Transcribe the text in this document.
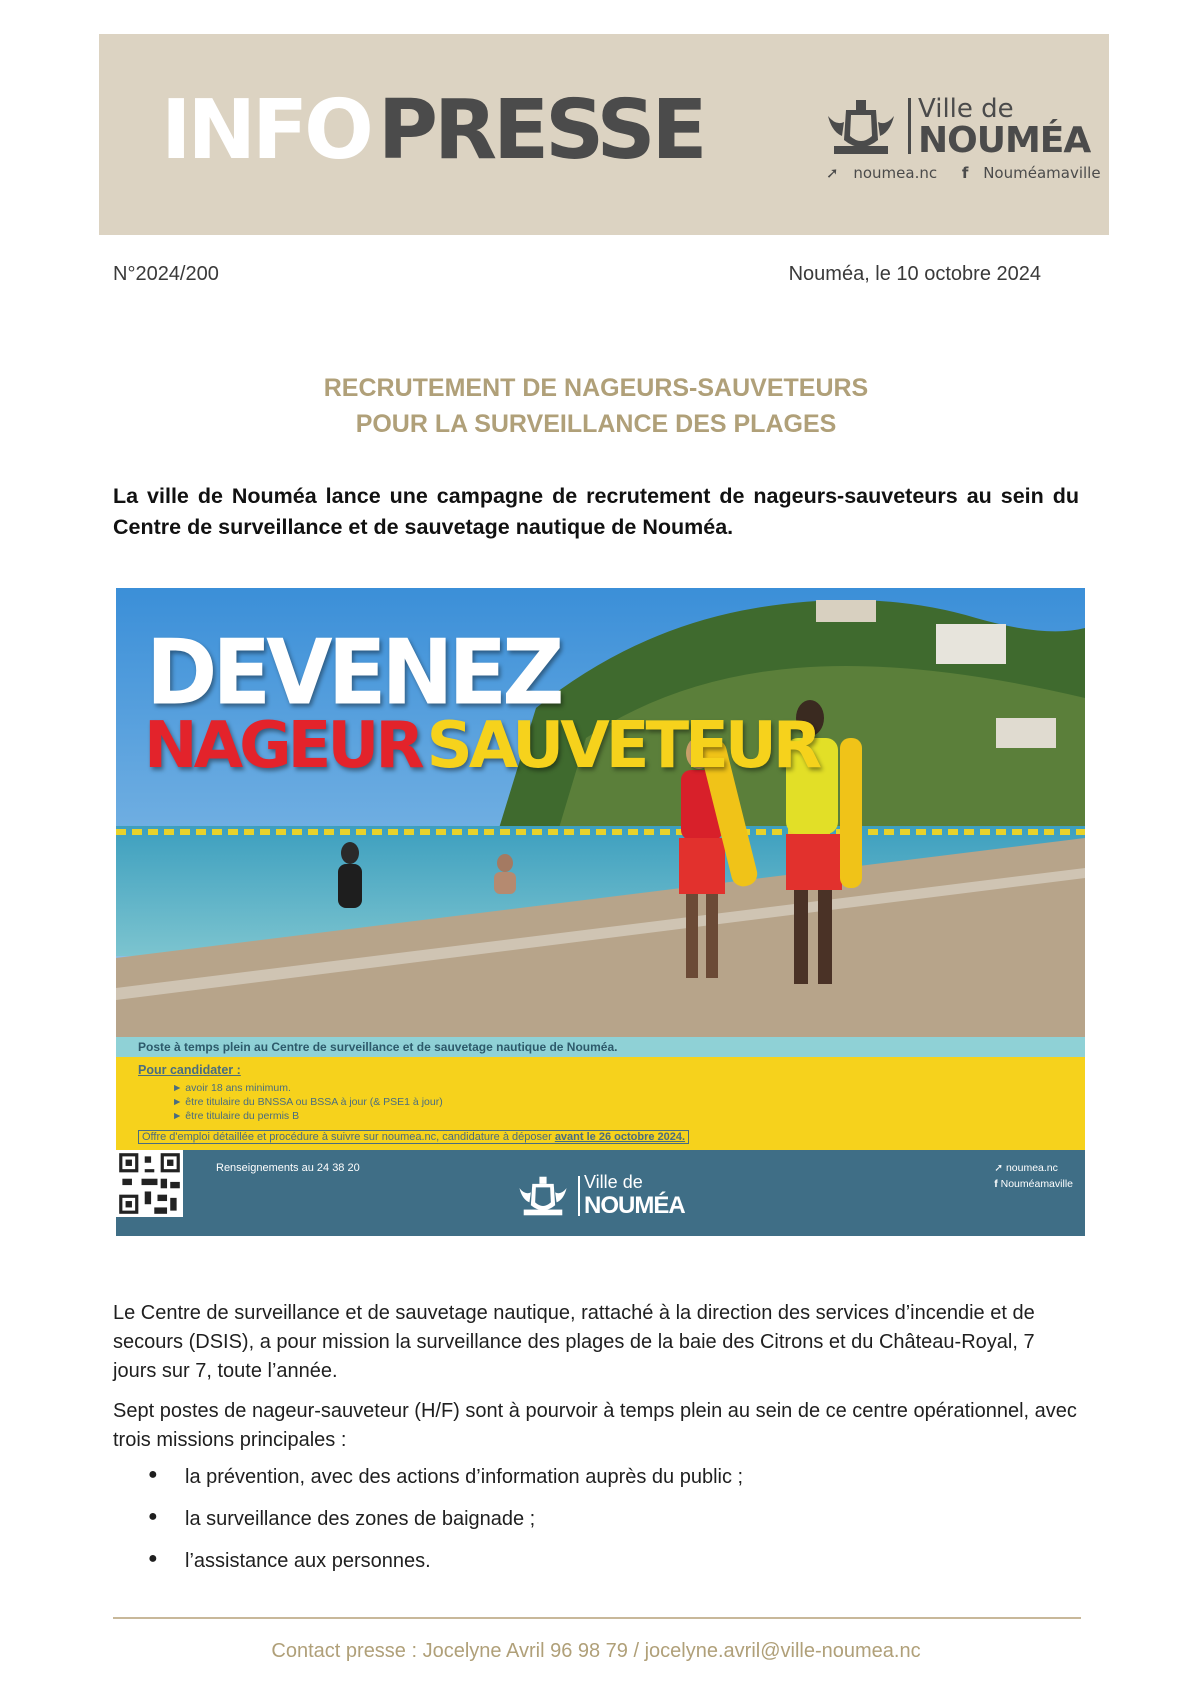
INFOPRESSE	Ville de
NOUMÉA
➚ noumea.nc f Nouméamaville
N°2024/200	Nouméa, le 10 octobre 2024
RECRUTEMENT DE NAGEURS-SAUVETEURS
POUR LA SURVEILLANCE DES PLAGES
La ville de Nouméa lance une campagne de recrutement de nageurs-sauveteurs au sein du Centre de surveillance et de sauvetage nautique de Nouméa.
DEVENEZ
NAGEURSAUVETEUR
Poste à temps plein au Centre de surveillance et de sauvetage nautique de Nouméa.
Pour candidater :
► avoir 18 ans minimum.
► être titulaire du BNSSA ou BSSA à jour (& PSE1 à jour)
► être titulaire du permis B
Offre d'emploi détaillée et procédure à suivre sur noumea.nc, candidature à déposer avant le 26 octobre 2024.
Renseignements au 24 38 20
Ville de
NOUMÉA
➚ noumea.nc
f Nouméamaville
Le Centre de surveillance et de sauvetage nautique, rattaché à la direction des services d’incendie et de secours (DSIS), a pour mission la surveillance des plages de la baie des Citrons et du Château-Royal, 7 jours sur 7, toute l’année.
Sept postes de nageur-sauveteur (H/F) sont à pourvoir à temps plein au sein de ce centre opérationnel, avec trois missions principales :
● la prévention, avec des actions d’information auprès du public ;
● la surveillance des zones de baignade ;
● l’assistance aux personnes.
Contact presse : Jocelyne Avril 96 98 79 / jocelyne.avril@ville-noumea.nc
